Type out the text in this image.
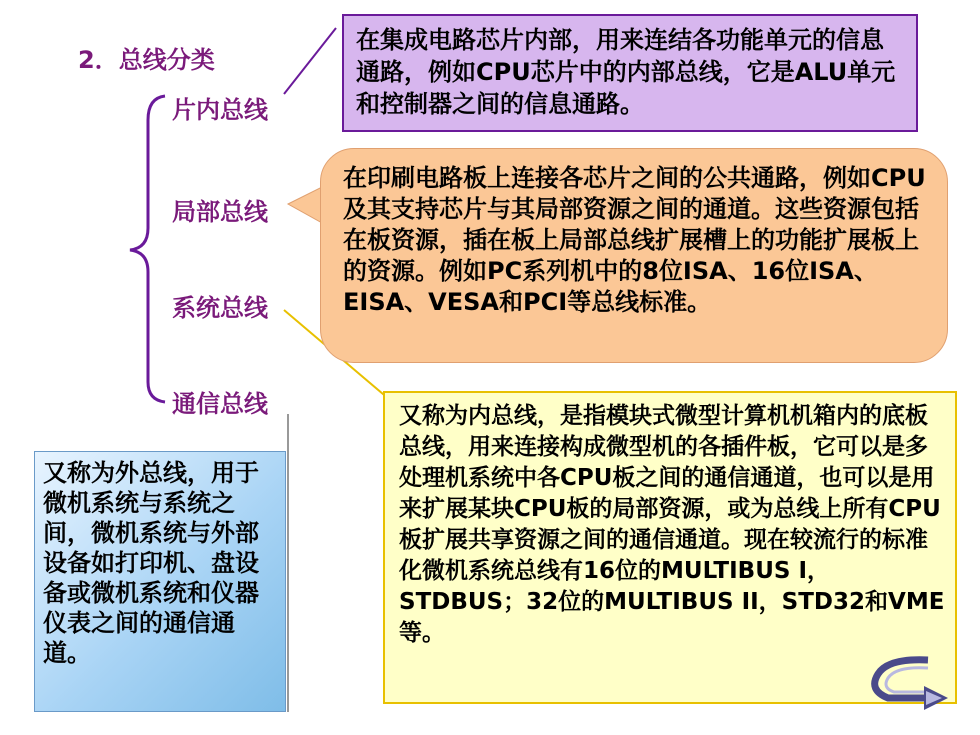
2．总线分类
片内总线
局部总线
系统总线
通信总线

在集成电路芯片内部，用来连结各功能单元的信息通路，例如CPU芯片中的内部总线，它是ALU单元和控制器之间的信息通路。

在印刷电路板上连接各芯片之间的公共通路，例如CPU及其支持芯片与其局部资源之间的通道。这些资源包括在板资源，插在板上局部总线扩展槽上的功能扩展板上的资源。例如PC系列机中的8位ISA、16位ISA、EISA、VESA和PCI等总线标准。

又称为内总线，是指模块式微型计算机机箱内的底板总线，用来连接构成微型机的各插件板，它可以是多处理机系统中各CPU板之间的通信通道，也可以是用来扩展某块CPU板的局部资源，或为总线上所有CPU板扩展共享资源之间的通信通道。现在较流行的标准化微机系统总线有16位的MULTIBUS I，STDBUS；32位的MULTIBUS II，STD32和VME等。

又称为外总线，用于微机系统与系统之间，微机系统与外部设备如打印机、盘设备或微机系统和仪器仪表之间的通信通道。
